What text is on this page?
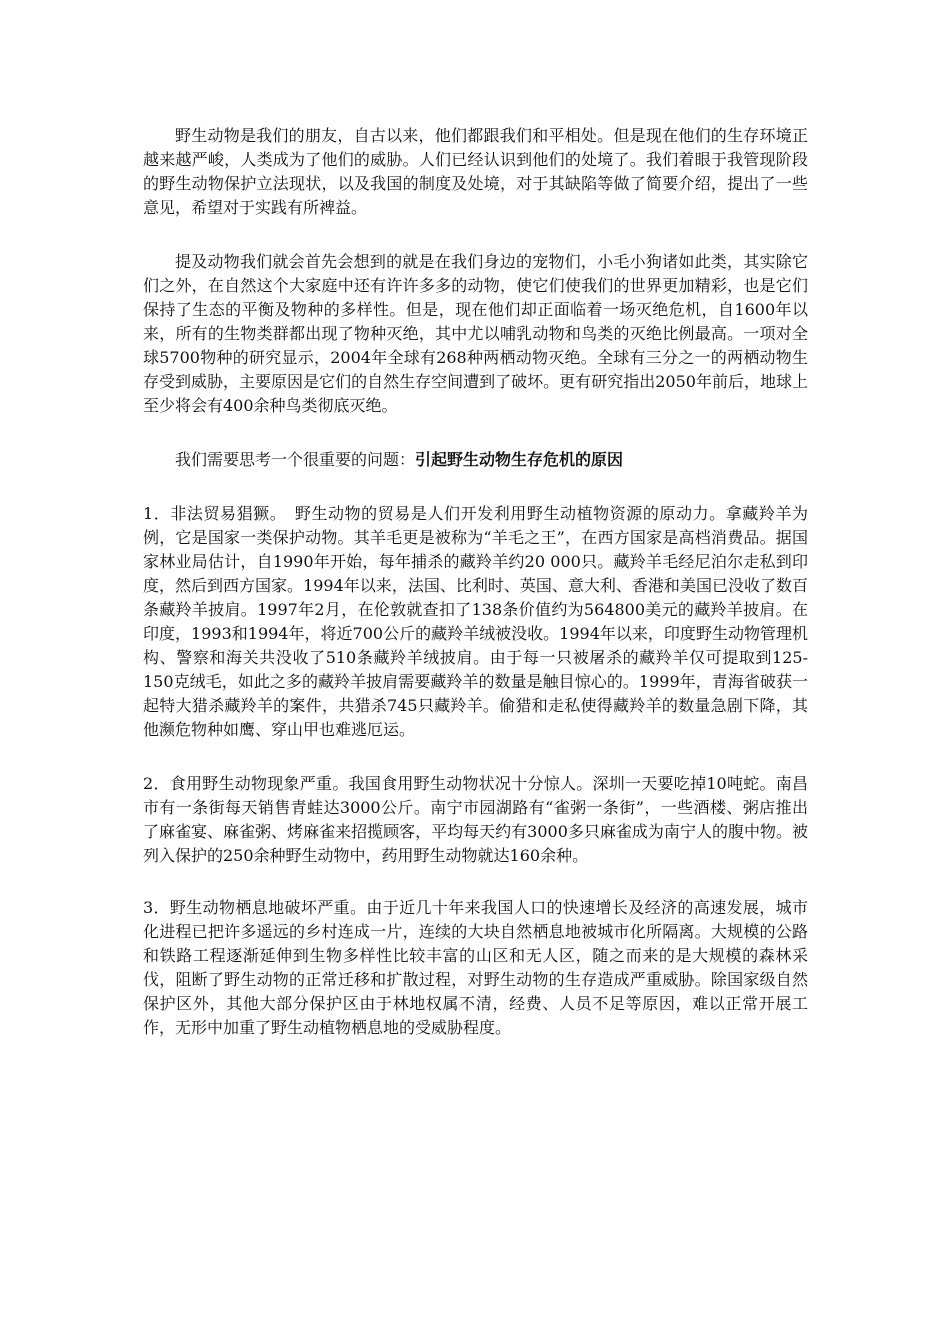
野生动物是我们的朋友，自古以来，他们都跟我们和平相处。但是现在他们的生存环境正越来越严峻，人类成为了他们的威胁。人们已经认识到他们的处境了。我们着眼于我管现阶段的野生动物保护立法现状，以及我国的制度及处境，对于其缺陷等做了简要介绍，提出了一些意见，希望对于实践有所裨益。

提及动物我们就会首先会想到的就是在我们身边的宠物们，小毛小狗诸如此类，其实除它们之外，在自然这个大家庭中还有许许多多的动物，使它们使我们的世界更加精彩，也是它们保持了生态的平衡及物种的多样性。但是，现在他们却正面临着一场灭绝危机，自1600年以来，所有的生物类群都出现了物种灭绝，其中尤以哺乳动物和鸟类的灭绝比例最高。一项对全球5700物种的研究显示，2004年全球有268种两栖动物灭绝。全球有三分之一的两栖动物生存受到威胁，主要原因是它们的自然生存空间遭到了破坏。更有研究指出2050年前后，地球上至少将会有400余种鸟类彻底灭绝。

我们需要思考一个很重要的问题：引起野生动物生存危机的原因

1．非法贸易猖獗。　野生动物的贸易是人们开发利用野生动植物资源的原动力。拿藏羚羊为例，它是国家一类保护动物。其羊毛更是被称为“羊毛之王”，在西方国家是高档消费品。据国家林业局估计，自1990年开始，每年捕杀的藏羚羊约20 000只。藏羚羊毛经尼泊尔走私到印度，然后到西方国家。1994年以来，法国、比利时、英国、意大利、香港和美国已没收了数百条藏羚羊披肩。1997年2月，在伦敦就查扣了138条价值约为564800美元的藏羚羊披肩。在印度，1993和1994年，将近700公斤的藏羚羊绒被没收。1994年以来，印度野生动物管理机构、警察和海关共没收了510条藏羚羊绒披肩。由于每一只被屠杀的藏羚羊仅可提取到125-150克绒毛，如此之多的藏羚羊披肩需要藏羚羊的数量是触目惊心的。1999年，青海省破获一起特大猎杀藏羚羊的案件，共猎杀745只藏羚羊。偷猎和走私使得藏羚羊的数量急剧下降，其他濒危物种如鹰、穿山甲也难逃厄运。

2．食用野生动物现象严重。我国食用野生动物状况十分惊人。深圳一天要吃掉10吨蛇。南昌市有一条街每天销售青蛙达3000公斤。南宁市园湖路有“雀粥一条街”，一些酒楼、粥店推出了麻雀宴、麻雀粥、烤麻雀来招揽顾客，平均每天约有3000多只麻雀成为南宁人的腹中物。被列入保护的250余种野生动物中，药用野生动物就达160余种。

3．野生动物栖息地破坏严重。由于近几十年来我国人口的快速增长及经济的高速发展，城市化进程已把许多遥远的乡村连成一片，连续的大块自然栖息地被城市化所隔离。大规模的公路和铁路工程逐渐延伸到生物多样性比较丰富的山区和无人区，随之而来的是大规模的森林采伐，阻断了野生动物的正常迁移和扩散过程，对野生动物的生存造成严重威胁。除国家级自然保护区外，其他大部分保护区由于林地权属不清，经费、人员不足等原因，难以正常开展工作，无形中加重了野生动植物栖息地的受威胁程度。
